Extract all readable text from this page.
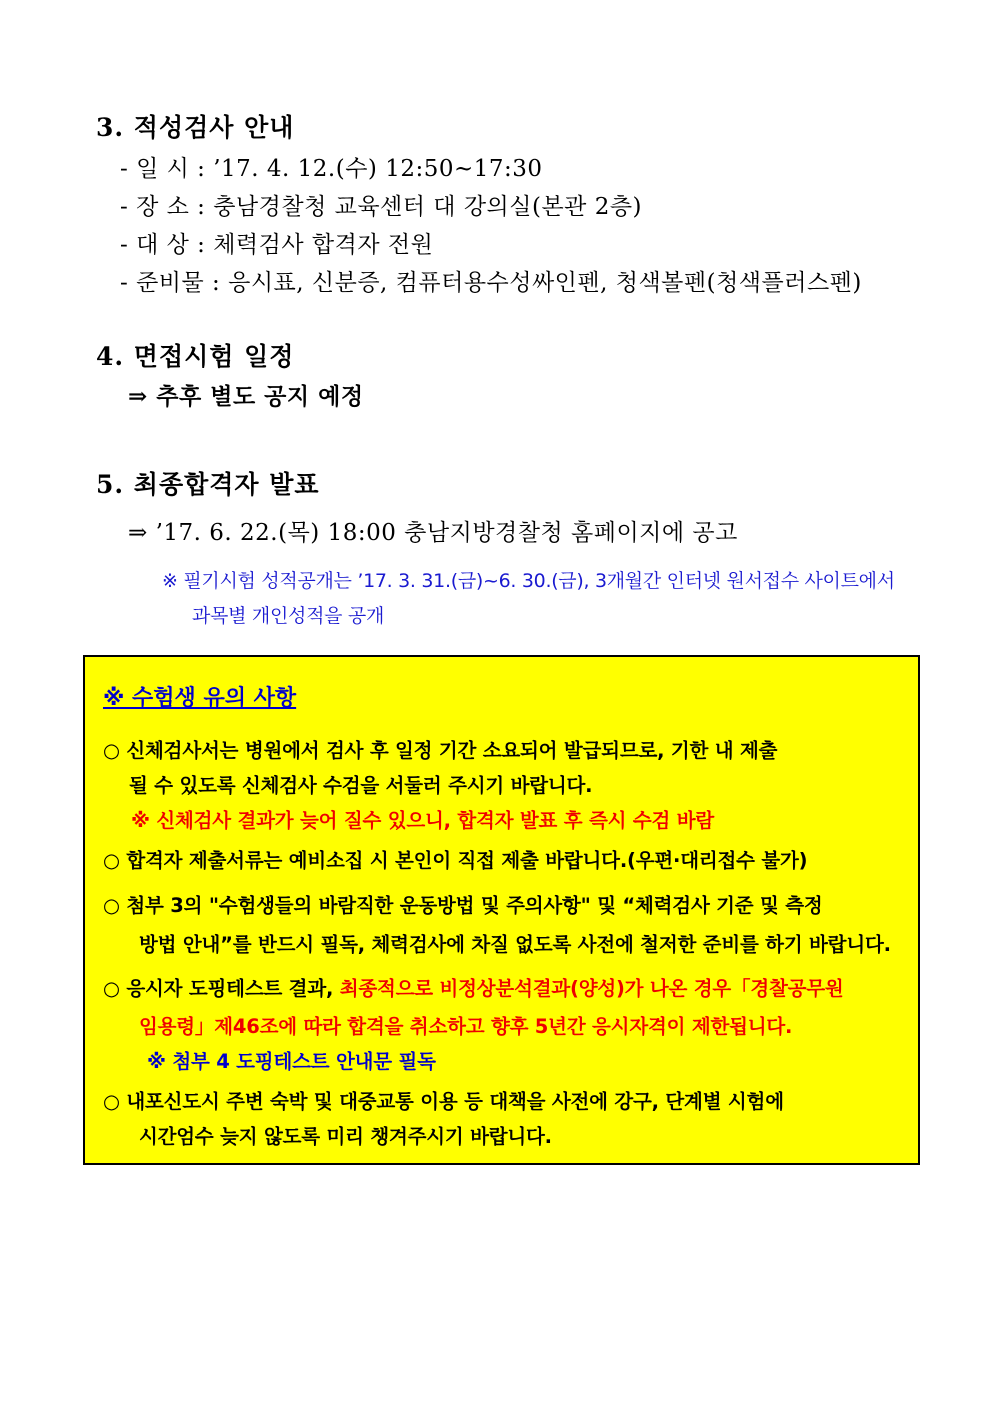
3. 적성검사 안내
- 일 시 : ’17. 4. 12.(수) 12:50~17:30
- 장 소 : 충남경찰청 교육센터 대 강의실(본관 2층)
- 대 상 : 체력검사 합격자 전원
- 준비물 : 응시표, 신분증, 컴퓨터용수성싸인펜, 청색볼펜(청색플러스펜)
4. 면접시험 일정
⇒ 추후 별도 공지 예정
5. 최종합격자 발표
⇒ ’17. 6. 22.(목) 18:00 충남지방경찰청 홈페이지에 공고
※ 필기시험 성적공개는 ’17. 3. 31.(금)~6. 30.(금), 3개월간 인터넷 원서접수 사이트에서
과목별 개인성적을 공개
※ 수험생 유의 사항
○ 신체검사서는 병원에서 검사 후 일정 기간 소요되어 발급되므로, 기한 내 제출
될 수 있도록 신체검사 수검을 서둘러 주시기 바랍니다.
※ 신체검사 결과가 늦어 질수 있으니, 합격자 발표 후 즉시 수검 바람
○ 합격자 제출서류는 예비소집 시 본인이 직접 제출 바랍니다.(우편·대리접수 불가)
○ 첨부 3의 "수험생들의 바람직한 운동방법 및 주의사항" 및 “체력검사 기준 및 측정
방법 안내”를 반드시 필독, 체력검사에 차질 없도록 사전에 철저한 준비를 하기 바랍니다.
○ 응시자 도핑테스트 결과, 최종적으로 비정상분석결과(양성)가 나온 경우「경찰공무원
임용령」제46조에 따라 합격을 취소하고 향후 5년간 응시자격이 제한됩니다.
※ 첨부 4 도핑테스트 안내문 필독
○ 내포신도시 주변 숙박 및 대중교통 이용 등 대책을 사전에 강구, 단계별 시험에
시간엄수 늦지 않도록 미리 챙겨주시기 바랍니다.
